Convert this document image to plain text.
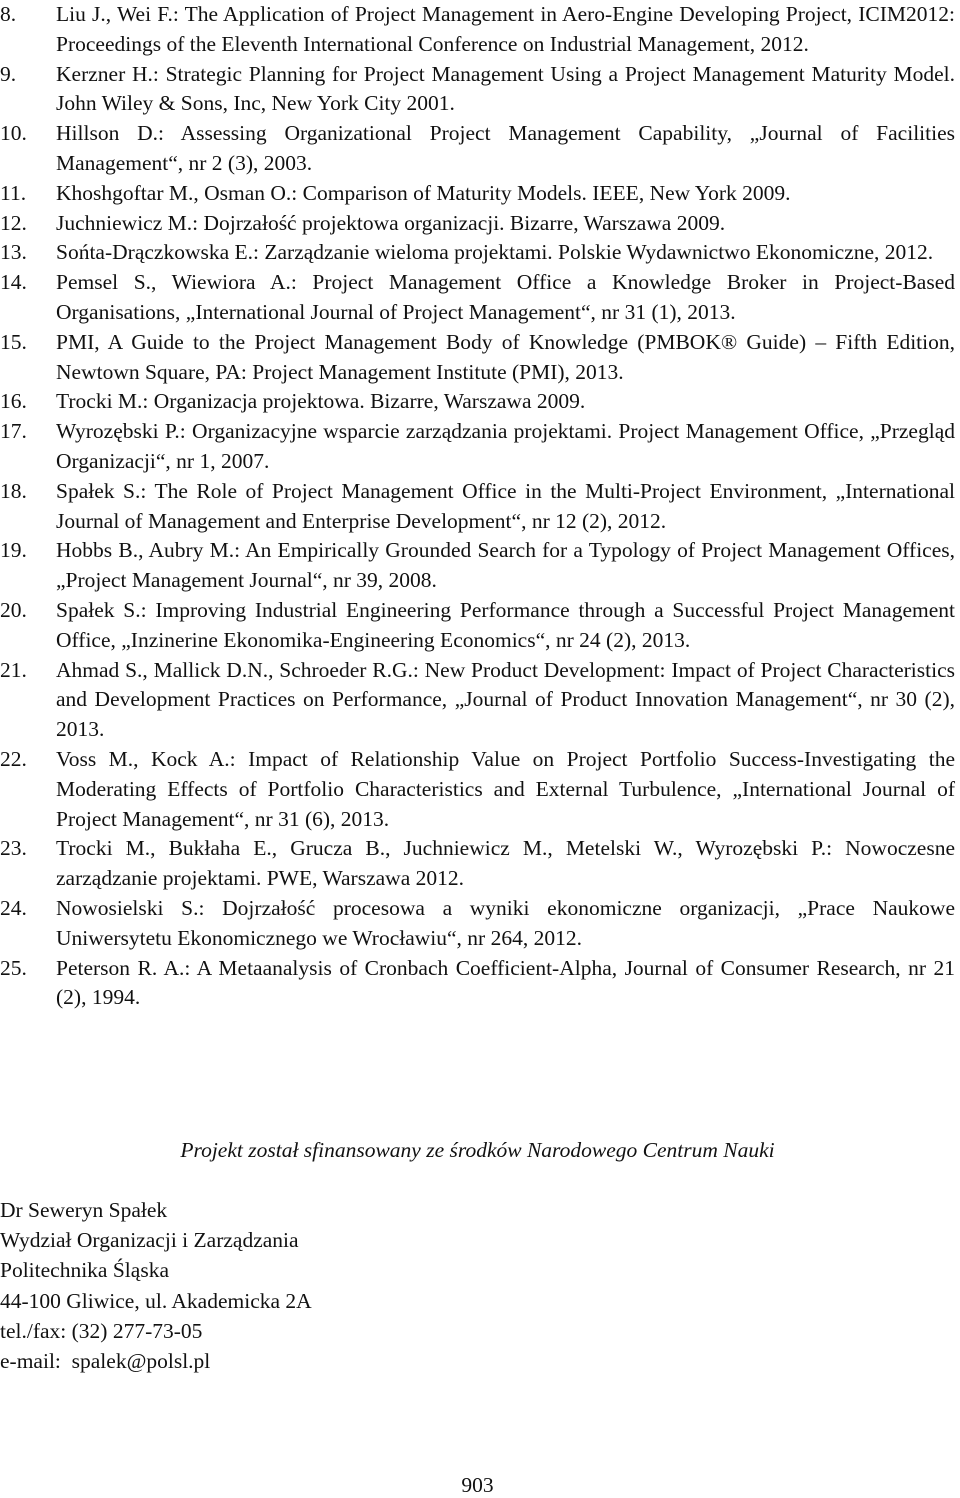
8. Liu J., Wei F.: The Application of Project Management in Aero-Engine Developing Project, ICIM2012: Proceedings of the Eleventh International Conference on Industrial Management, 2012.
9. Kerzner H.: Strategic Planning for Project Management Using a Project Management Maturity Model. John Wiley & Sons, Inc, New York City 2001.
10. Hillson D.: Assessing Organizational Project Management Capability, „Journal of Facilities Management“, nr 2 (3), 2003.
11. Khoshgoftar M., Osman O.: Comparison of Maturity Models. IEEE, New York 2009.
12. Juchniewicz M.: Dojrzałość projektowa organizacji. Bizarre, Warszawa 2009.
13. Sońta-Drączkowska E.: Zarządzanie wieloma projektami. Polskie Wydawnictwo Ekonomiczne, 2012.
14. Pemsel S., Wiewiora A.: Project Management Office a Knowledge Broker in Project-Based Organisations, „International Journal of Project Management“, nr 31 (1), 2013.
15. PMI, A Guide to the Project Management Body of Knowledge (PMBOK® Guide) – Fifth Edition, Newtown Square, PA: Project Management Institute (PMI), 2013.
16. Trocki M.: Organizacja projektowa. Bizarre, Warszawa 2009.
17. Wyrozębski P.: Organizacyjne wsparcie zarządzania projektami. Project Management Office, „Przegląd Organizacji“, nr 1, 2007.
18. Spałek S.: The Role of Project Management Office in the Multi-Project Environment, „International Journal of Management and Enterprise Development“, nr 12 (2), 2012.
19. Hobbs B., Aubry M.: An Empirically Grounded Search for a Typology of Project Management Offices, „Project Management Journal“, nr 39, 2008.
20. Spałek S.: Improving Industrial Engineering Performance through a Successful Project Management Office, „Inzinerine Ekonomika-Engineering Economics“, nr 24 (2), 2013.
21. Ahmad S., Mallick D.N., Schroeder R.G.: New Product Development: Impact of Project Characteristics and Development Practices on Performance, „Journal of Product Innovation Management“, nr 30 (2), 2013.
22. Voss M., Kock A.: Impact of Relationship Value on Project Portfolio Success-Investigating the Moderating Effects of Portfolio Characteristics and External Turbulence, „International Journal of Project Management“, nr 31 (6), 2013.
23. Trocki M., Bukłaha E., Grucza B., Juchniewicz M., Metelski W., Wyrozębski P.: Nowoczesne zarządzanie projektami. PWE, Warszawa 2012.
24. Nowosielski S.: Dojrzałość procesowa a wyniki ekonomiczne organizacji, „Prace Naukowe Uniwersytetu Ekonomicznego we Wrocławiu“, nr 264, 2012.
25. Peterson R. A.: A Metaanalysis of Cronbach Coefficient-Alpha, Journal of Consumer Research, nr 21 (2), 1994.
Projekt został sfinansowany ze środków Narodowego Centrum Nauki
Dr Seweryn Spałek
Wydział Organizacji i Zarządzania
Politechnika Śląska
44-100 Gliwice, ul. Akademicka 2A
tel./fax: (32) 277-73-05
e-mail:  spalek@polsl.pl
903
